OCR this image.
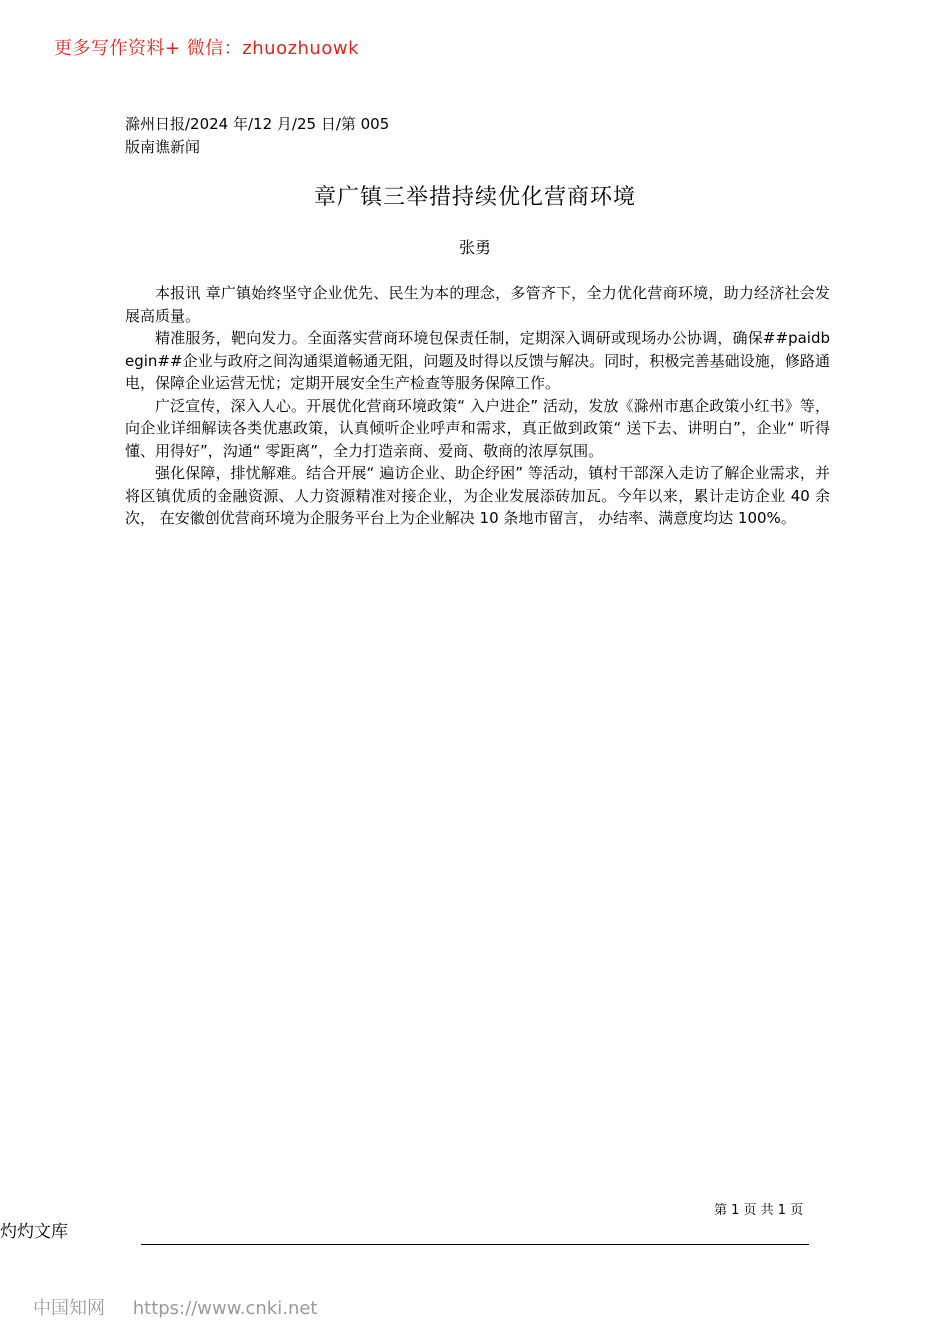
更多写作资料+ 微信：zhuozhuowk
滁州日报/2024 年/12 月/25 日/第 005
版南谯新闻
章广镇三举措持续优化营商环境
张勇

本报讯 章广镇始终坚守企业优先、民生为本的理念，多管齐下，全力优化营商环境，助力经济社会发展高质量。

精准服务，靶向发力。全面落实营商环境包保责任制，定期深入调研或现场办公协调，确保##paidbegin##企业与政府之间沟通渠道畅通无阻，问题及时得以反馈与解决。同时，积极完善基础设施，修路通电，保障企业运营无忧；定期开展安全生产检查等服务保障工作。

广泛宣传，深入人心。开展优化营商环境政策“ 入户进企” 活动，发放《滁州市惠企政策小红书》等，向企业详细解读各类优惠政策，认真倾听企业呼声和需求，真正做到政策“ 送下去、讲明白”，企业“ 听得懂、用得好”，沟通“ 零距离”，全力打造亲商、爱商、敬商的浓厚氛围。

强化保障，排忧解难。结合开展“ 遍访企业、助企纾困” 等活动，镇村干部深入走访了解企业需求，并将区镇优质的金融资源、人力资源精准对接企业，为企业发展添砖加瓦。今年以来，累计走访企业 40 余次， 在安徽创优营商环境为企服务平台上为企业解决 10 条地市留言， 办结率、满意度均达 100%。

第 1 页 共 1 页
灼灼文库
中国知网 https://www.cnki.net
